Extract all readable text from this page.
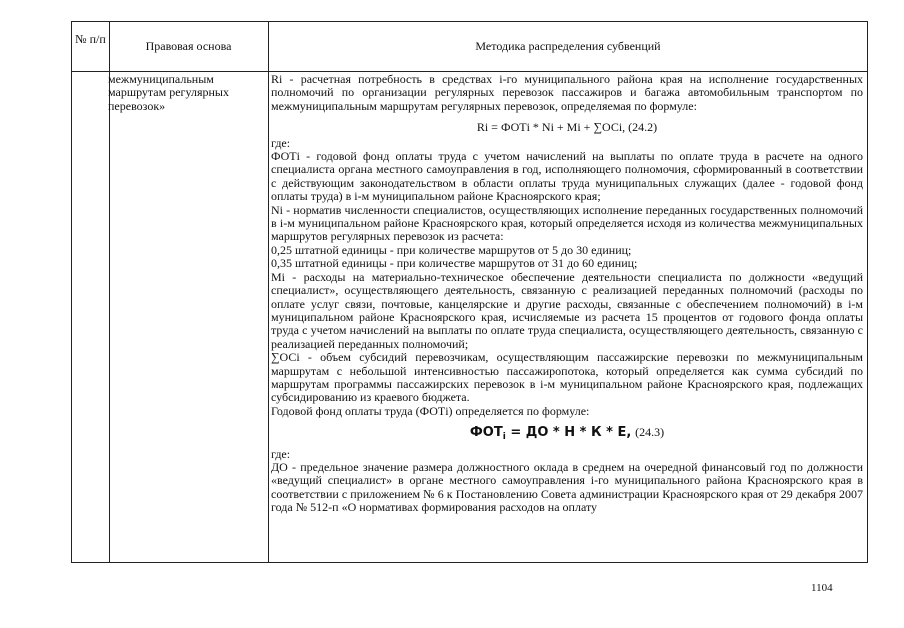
№ п/п	Правовая основа	Методика распределения субвенций
межмуниципальным маршрутам регулярных перевозок»

Ri - расчетная потребность в средствах i-го муниципального района края на исполнение государственных полномочий по организации регулярных перевозок пассажиров и багажа автомобильным транспортом по межмуниципальным маршрутам регулярных перевозок, определяемая по формуле:

Ri = ФОТi * Ni + Mi + ∑ОСi, (24.2)

где:

ФОТi - годовой фонд оплаты труда с учетом начислений на выплаты по оплате труда в расчете на одного специалиста органа местного самоуправления в год, исполняющего полномочия, сформированный в соответствии с действующим законодательством в области оплаты труда муниципальных служащих (далее - годовой фонд оплаты труда) в i-м муниципальном районе Красноярского края;

Ni - норматив численности специалистов, осуществляющих исполнение переданных государственных полномочий в i-м муниципальном районе Красноярского края, который определяется исходя из количества межмуниципальных маршрутов регулярных перевозок из расчета:

0,25 штатной единицы - при количестве маршрутов от 5 до 30 единиц;

0,35 штатной единицы - при количестве маршрутов от 31 до 60 единиц;

Mi - расходы на материально-техническое обеспечение деятельности специалиста по должности «ведущий специалист», осуществляющего деятельность, связанную с реализацией переданных полномочий (расходы по оплате услуг связи, почтовые, канцелярские и другие расходы, связанные с обеспечением полномочий) в i-м муниципальном районе Красноярского края, исчисляемые из расчета 15 процентов от годового фонда оплаты труда с учетом начислений на выплаты по оплате труда специалиста, осуществляющего деятельность, связанную с реализацией переданных полномочий;

∑ОСi - объем субсидий перевозчикам, осуществляющим пассажирские перевозки по межмуниципальным маршрутам с небольшой интенсивностью пассажиропотока, который определяется как сумма субсидий по маршрутам программы пассажирских перевозок в i-м муниципальном районе Красноярского края, подлежащих субсидированию из краевого бюджета.

Годовой фонд оплаты труда (ФОТi) определяется по формуле:

$ФОТ_i$ = ДО * Н * К * Е, (24.3)

где:

ДО - предельное значение размера должностного оклада в среднем на очередной финансовый год по должности «ведущий специалист» в органе местного самоуправления i-го муниципального района Красноярского края в соответствии с приложением № 6 к Постановлению Совета администрации Красноярского края от 29 декабря 2007 года № 512-п «О нормативах формирования расходов на оплату

1104
